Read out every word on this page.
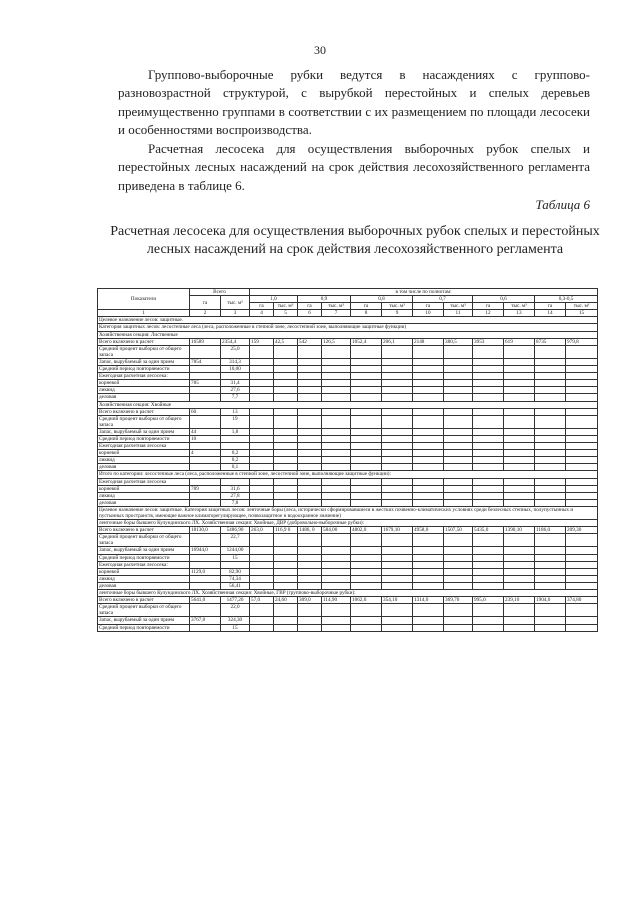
30

Группово-выборочные рубки ведутся в насаждениях с группово-разновозрастной структурой, с вырубкой перестойных и спелых деревьев преимущественно группами в соответствии с их размещением по площади лесосеки и особенностями воспроизводства.

Расчетная лесосека для осуществления выборочных рубок спелых и перестойных лесных насаждений на срок действия лесохозяйственного регламента приведена в таблице 6.

Таблица 6
Расчетная лесосека для осуществления выборочных рубок спелых и перестойных лесных насаждений на срок действия лесохозяйственного регламента
Показатели	Всего		в том числе по полнотам:											
	га	тыс. м³	1,0		0,9		0,8		0,7		0,6		0,3-0,5	
			га	тыс. м³	га	тыс. м³	га	тыс. м³	га	тыс. м³	га	тыс. м³	га	тыс. м³
1	2	3	4	5	6	7	8	9	10	11	12	13	14	15
Целевое назначение лесов: защитные.														
Категория защитных лесов: лесостепные леса (леса, расположенные в степной зоне, лесостепной зоне, выполняющие защитные функции)														
Хозяйственная секция: Лиственные														
Всего включено в расчет	16589	2354,4	159	42,5	542	126,5	1052,4	206,1	2148	380,5	3953	619	8735	979,8
Средний процент выборки от общего запаса		25,0												
Запас, вырубаемый за один прием	7854	314,3												
Средний период повторяемости		10,00												
Ежегодная расчетная лесосека:														
корневой	785	31,4												
ликвид		27,6												
деловая		7,7												
Хозяйственная секция: Хвойные														
Всего включено в расчет	60	13												
Средний процент выборки от общего запаса		19												
Запас, вырубаемый за один прием	44	1,8												
Средний период повторяемости	10													
Ежегодная расчетная лесосека														
корневой	4	0,2												
ликвид		0,2												
деловая		0,1												
Итого по категории: лесостепные леса (леса, расположенные в степной зоне, лесостепной зоне, выполняющие защитные функции):														
Ежегодная расчетная лесосека														
корневой	789	31,6												
ликвид		27,8												
деловая		7,8												
Целевое назначение лесов: защитные. Категория защитных лесов: ленточные боры (леса, исторически сформировавшиеся в жестких почвенно-климатических условиях среди безлесных степных, полупустынных и пустынных пространств, имеющие важное климаторегулирующее, почвозащитное и водоохранное значение)														
ленточные боры бывшего Кулундинского ЛХ. Хозяйственная секция: Хвойные, ДВР (добровольно-выборочные рубки):														
Всего включено в расчет	18130,0	5486,90	263,0	116,9 0	1486, 0	584,00	4802,0	1679,10	4958,0	1507,50	5435,0	1390,10	1186,0	209,30
Средний процент выборки от общего запаса		22,7												
Запас, вырубаемый за один прием	16944,0	1244,00												
Средний период повторяемости		15												
Ежегодная расчетная лесосека:														
корневой	1129,0	82,90												
ликвид		74,34												
деловая		56,41												
ленточные боры бывшего Кулундинского ЛХ. Хозяйственная секция: Хвойные, ГВР (группово-выборочные рубки):														
Всего включено в расчет	5641,0	1477,20	57,0	24,60	309,0	114,90	1062,0	354,10	1314,0	369,70	995,0	239,10	1904,0	374,80
Средний процент выборки от общего запаса		22,0												
Запас, вырубаемый за один прием	3767,0	324,30												
Средний период повторяемости		15												
